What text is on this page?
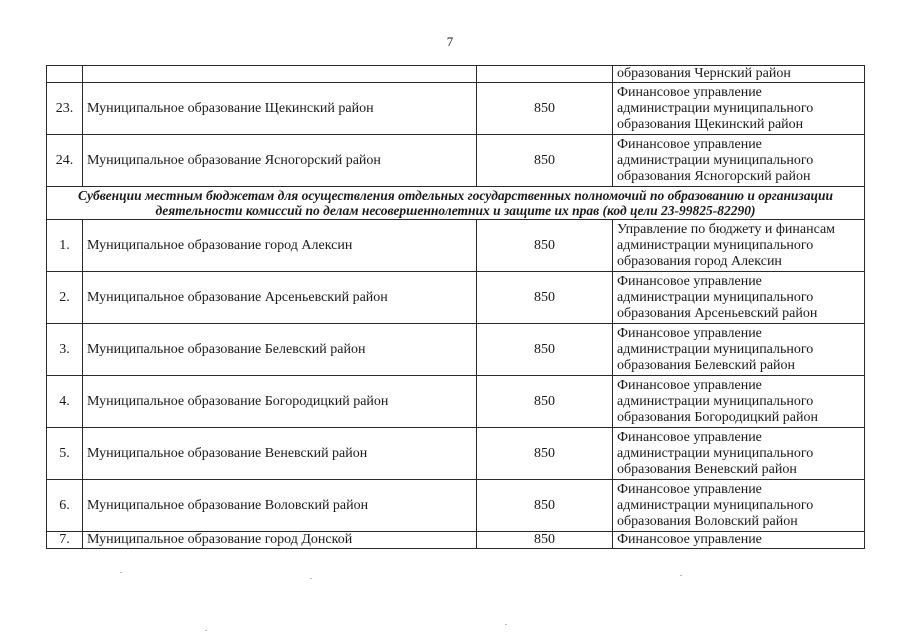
7

			образования Чернский район

23.	Муниципальное образование Щекинский район	850	Финансовое управление
администрации муниципального
образования Щекинский район

24.	Муниципальное образование Ясногорский район	850	Финансовое управление
администрации муниципального
образования Ясногорский район

Субвенции местным бюджетам для осуществления отдельных государственных полномочий по образованию и организации деятельности комиссий по делам несовершеннолетних и защите их прав (код цели 23-99825-82290)			
1.	Муниципальное образование город Алексин	850	Управление по бюджету и финансам
администрации муниципального
образования город Алексин

2.	Муниципальное образование Арсеньевский район	850	Финансовое управление
администрации муниципального
образования Арсеньевский район

3.	Муниципальное образование Белевский район	850	Финансовое управление
администрации муниципального
образования Белевский район

4.	Муниципальное образование Богородицкий район	850	Финансовое управление
администрации муниципального
образования Богородицкий район

5.	Муниципальное образование Веневский район	850	Финансовое управление
администрации муниципального
образования Веневский район

6.	Муниципальное образование Воловский район	850	Финансовое управление
администрации муниципального
образования Воловский район

7.	Муниципальное образование город Донской	850	Финансовое управление
